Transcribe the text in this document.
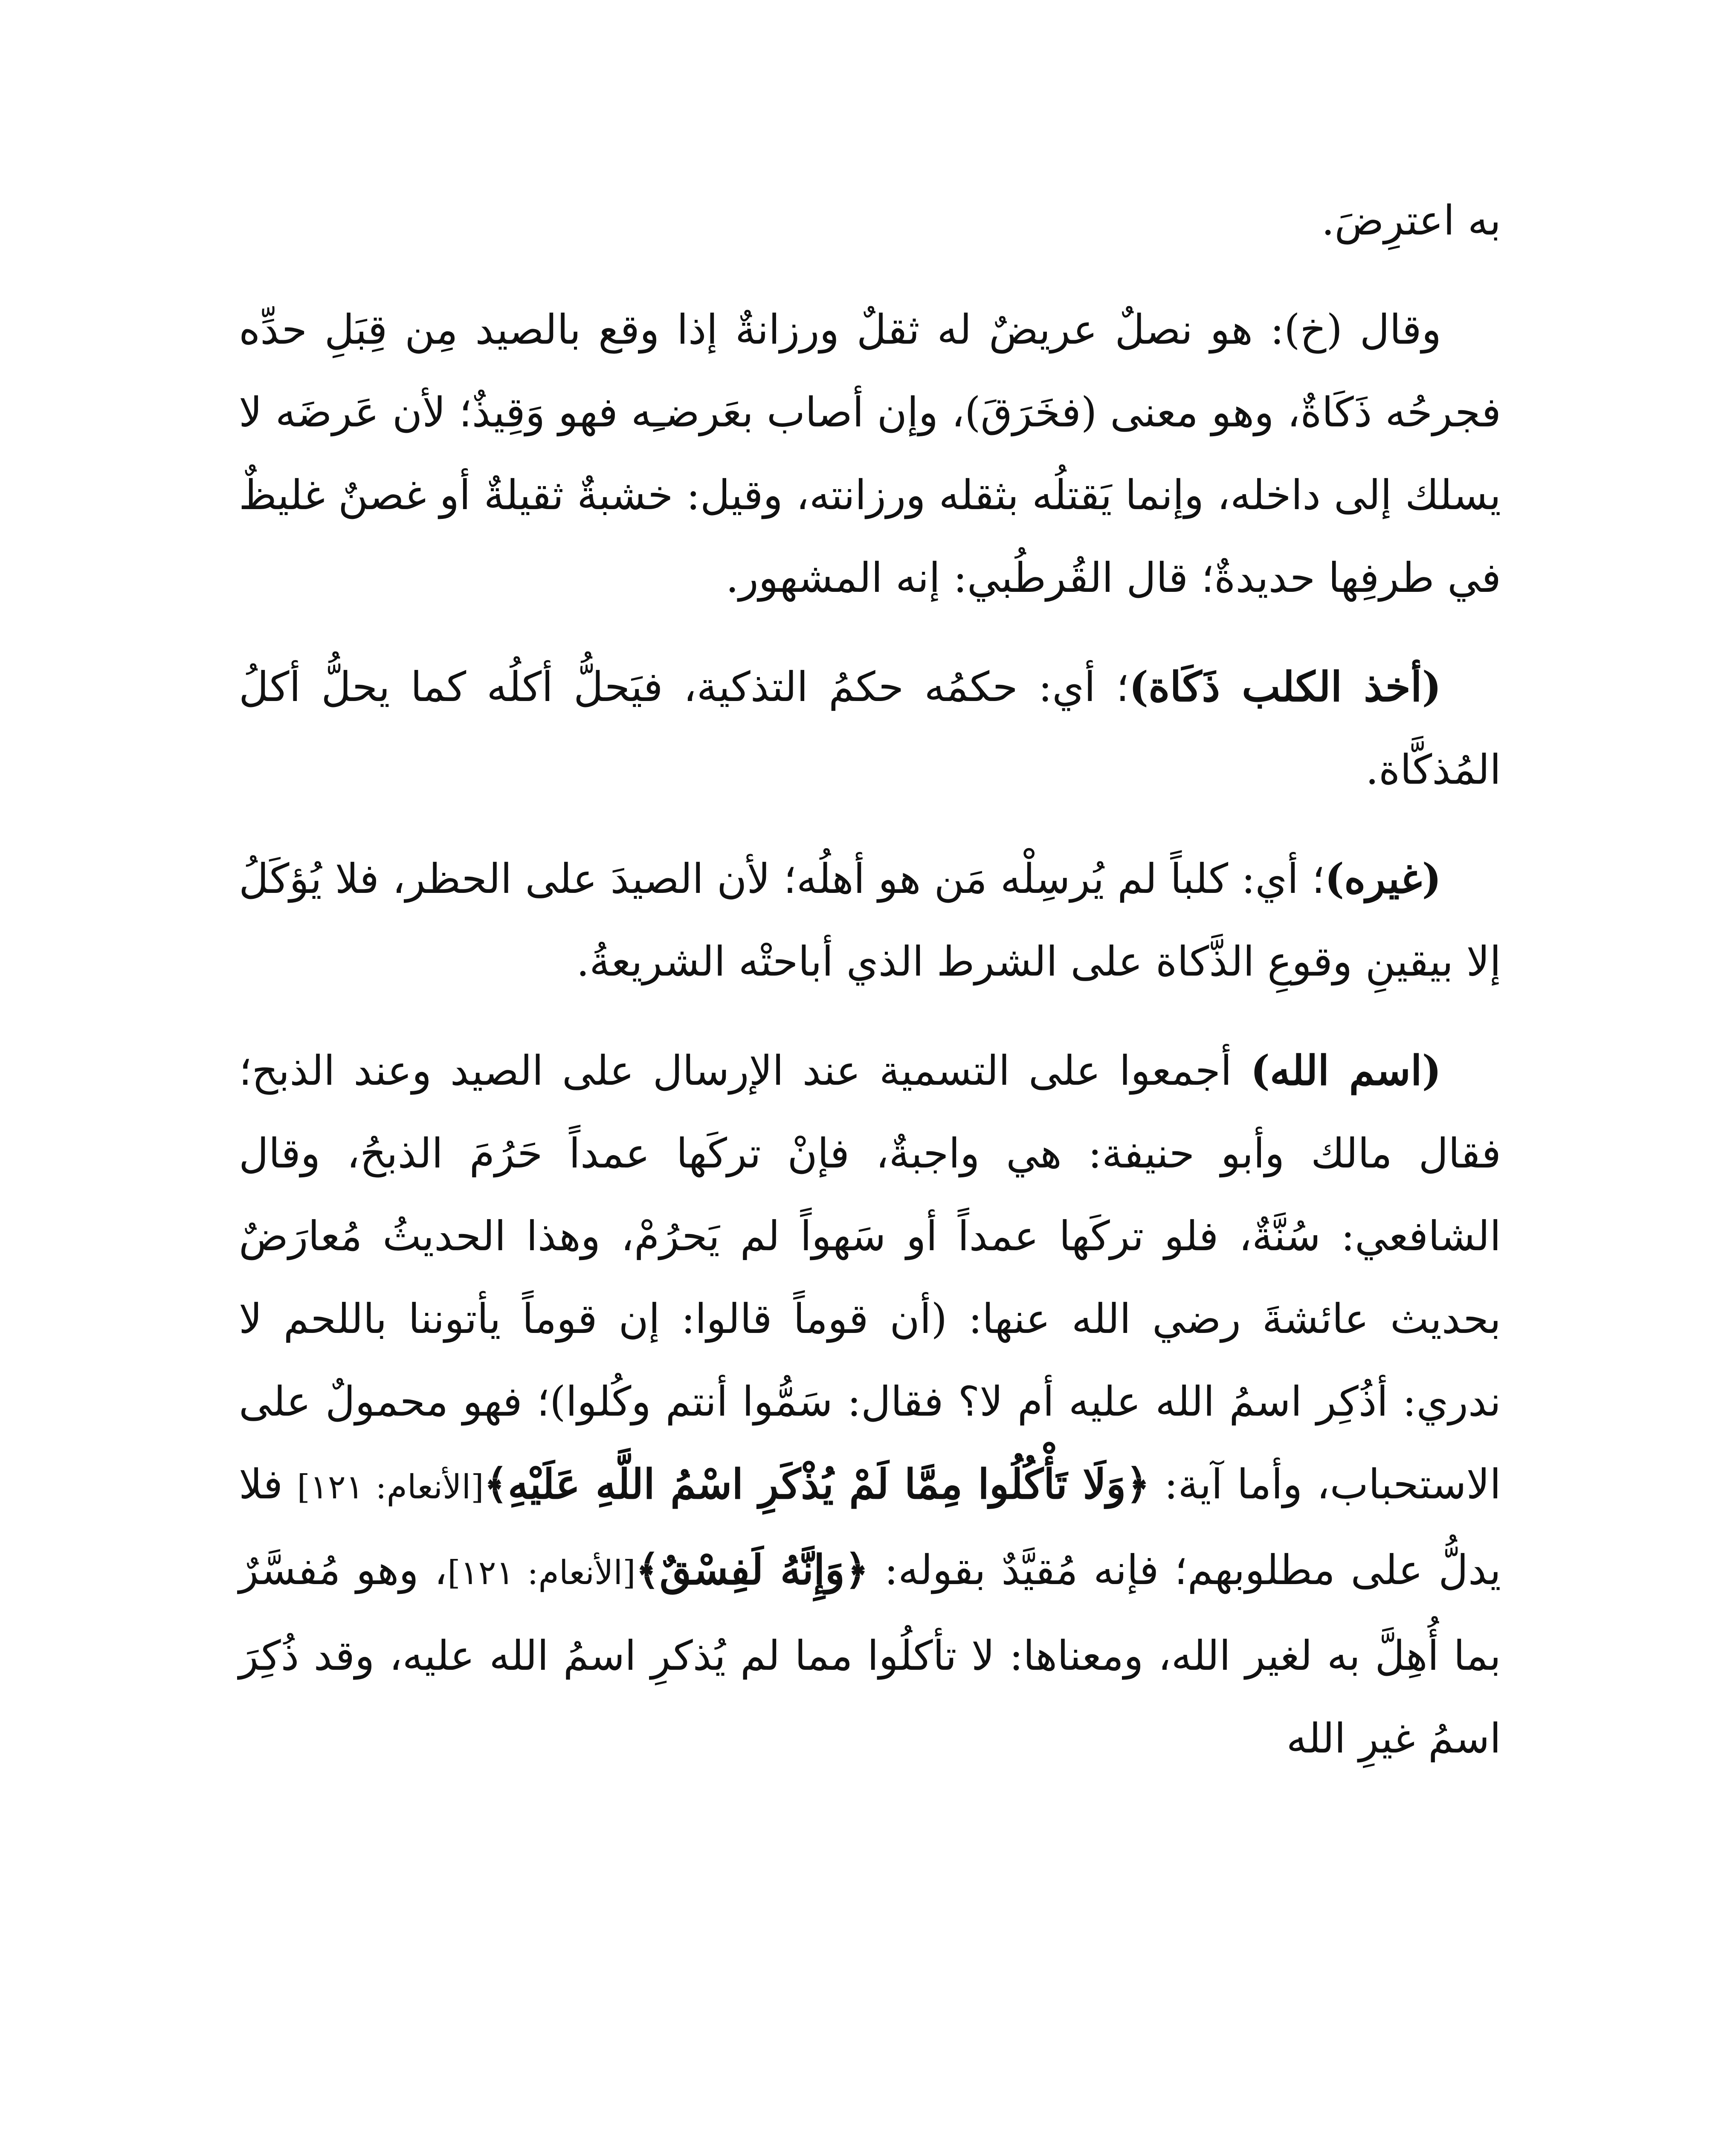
به اعترِضَ.

وقال (خ): هو نصلٌ عريضٌ له ثقلٌ ورزانةٌ إذا وقع بالصيد مِن قِبَلِ حدِّه فجرحُه ذَكَاةٌ، وهو معنى (فخَرَقَ)، وإن أصاب بعَرضـِه فهو وَقِيذٌ؛ لأن عَرضَه لا يسلك إلى داخله، وإنما يَقتلُه بثقله ورزانته، وقيل: خشبةٌ ثقيلةٌ أو غصنٌ غليظٌ في طرفِها حديدةٌ؛ قال القُرطُبي: إنه المشهور.

(أخذ الكلب ذَكَاة)؛ أي: حكمُه حكمُ التذكية، فيَحلُّ أكلُه كما يحلُّ أكلُ المُذكَّاة.

(غيره)؛ أي: كلباً لم يُرسِلْه مَن هو أهلُه؛ لأن الصيدَ على الحظر، فلا يُؤكَلُ إلا بيقينِ وقوعِ الذَّكاة على الشرط الذي أباحتْه الشريعةُ.

(اسم الله) أجمعوا على التسمية عند الإرسال على الصيد وعند الذبح؛ فقال مالك وأبو حنيفة: هي واجبةٌ، فإنْ تركَها عمداً حَرُمَ الذبحُ، وقال الشافعي: سُنَّةٌ، فلو تركَها عمداً أو سَهواً لم يَحرُمْ، وهذا الحديثُ مُعارَضٌ بحديث عائشةَ رضي الله عنها: (أن قوماً قالوا: إن قوماً يأتوننا باللحم لا ندري: أذُكِر اسمُ الله عليه أم لا؟ فقال: سَمُّوا أنتم وكُلوا)؛ فهو محمولٌ على الاستحباب، وأما آية: ﴿وَلَا تَأْكُلُوا مِمَّا لَمْ يُذْكَرِ اسْمُ اللَّهِ عَلَيْهِ﴾[الأنعام: ١٢١] فلا يدلُّ على مطلوبهم؛ فإنه مُقيَّدٌ بقوله: ﴿وَإِنَّهُ لَفِسْقٌ﴾[الأنعام: ١٢١]، وهو مُفسَّرٌ بما أُهِلَّ به لغير الله، ومعناها: لا تأكلُوا مما لم يُذكرِ اسمُ الله عليه، وقد ذُكِرَ اسمُ غيرِ الله
